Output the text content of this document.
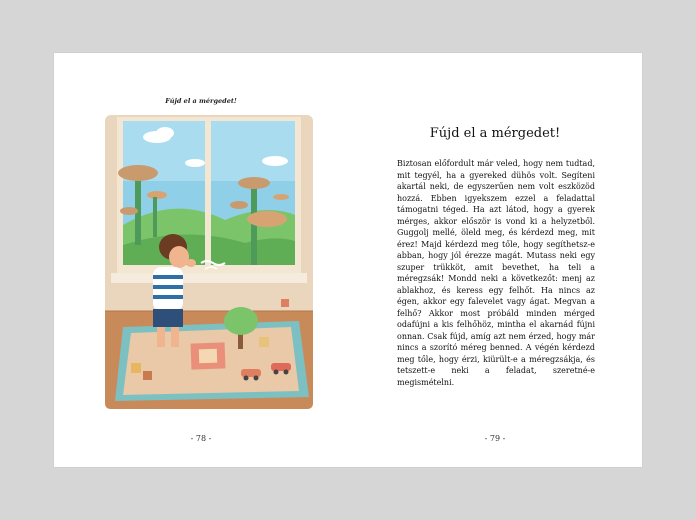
Fújd el a mérgedet!
- 78 -
Fújd el a mérgedet!
Biztosan előfordult már veled, hogy nem tudtad, mit tegyél, ha a gyereked dühös volt. Segíteni akartál neki, de egyszerűen nem volt eszközöd hozzá. Ebben igyekszem ezzel a feladattal támogatni téged. Ha azt látod, hogy a gyerek mérges, akkor először is vond ki a helyzetből. Guggolj mellé, öleld meg, és kérdezd meg, mit érez! Majd kérdezd meg tőle, hogy segíthetsz-e abban, hogy jól érezze magát. Mutass neki egy szuper trükköt, amit bevethet, ha teli a méregzsák! Mondd neki a következőt: menj az ablakhoz, és keress egy felhőt. Ha nincs az égen, akkor egy falevelet vagy ágat. Megvan a felhő? Akkor most próbáld minden mérged odafújni a kis felhőhöz, mintha el akarnád fújni onnan. Csak fújd, amíg azt nem érzed, hogy már nincs a szorító méreg benned. A végén kérdezd meg tőle, hogy érzi, kiürült-e a méregzsákja, és tetszett-e neki a feladat, szeretné-e megismételni.
- 79 -
